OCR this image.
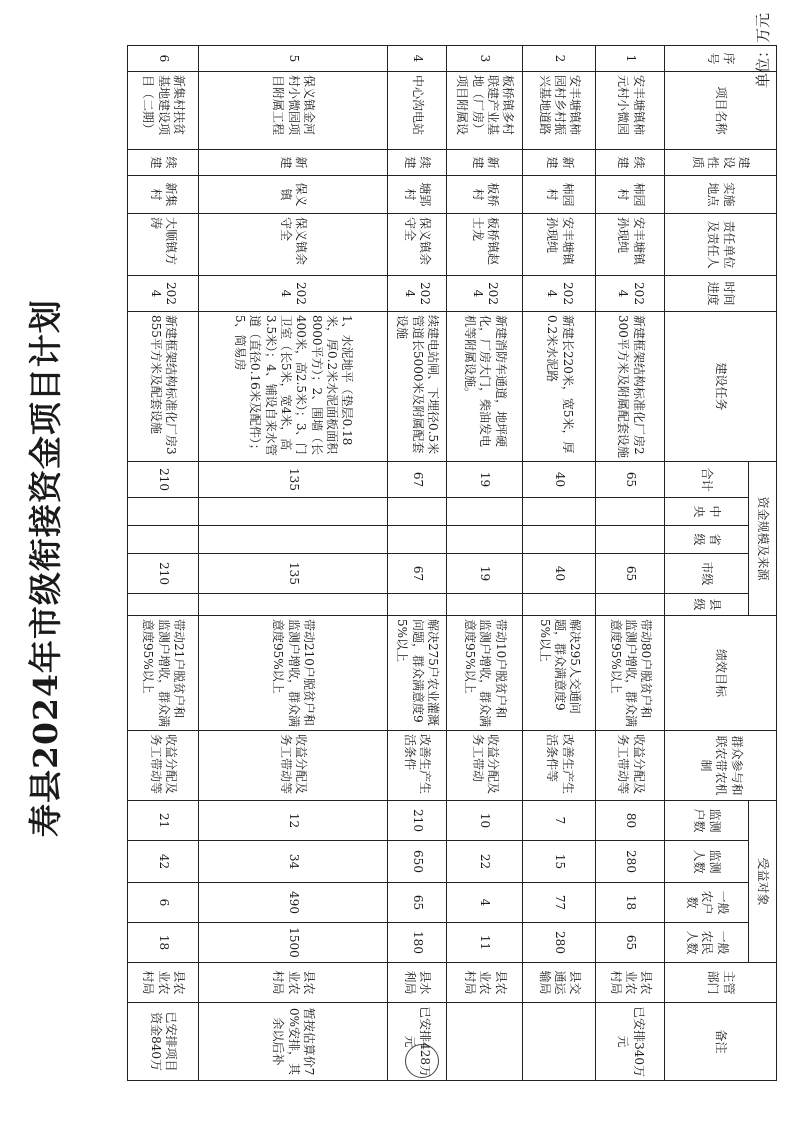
寿县2024年市级衔接资金项目计划
单位：万元
序号	项目名称	建设性质	实施地点	责任单位及责任人	时间进度	建设任务	资金规模及来源					绩效目标	群众参与和联农带农机制	受益对象				主管部门	备注
							合计	中央	省级	市级	县级			监测户数	监测人数	一般农户数	一般农民人数		

1	安丰塘镇柿元村小微园	续建	柿园村	安丰塘镇孙现纯	2024	新建框架结构标准化厂房2300平方米及附属配套设施	65			65		带动80户脱贫户和监测户增收，群众满意度95%以上	收益分配及务工带动等	80	280	18	65	县农业农村局	已安排340万元
2	安丰塘镇柿园村乡村振兴基地道路	新建	柿园村	安丰塘镇孙现纯	2024	新建长220米，宽5米，厚0.2米水泥路	40			40		解决295人交通问题，群众满意度95%以上	改善生产生活条件等	7	15	77	280	县交通运输局	
3	板桥镇多村联建产业基地（厂房）项目附属设	新建	板桥村	板桥镇赵士龙	2024	新建消防车通道，地坪硬化，厂房大门，柴油发电机等附属设施。	19			19		带动10户脱贫户和监测户增收，群众满意度95%以上	收益分配及务工带动	10	22	4	11	县农业农村局	
4	中心沟电站	续建	塘郢村	保义镇余守全	2024	续建电站闸、下埋径0.5米管道长5000米及附属配套设施	67			67		解决275户农业灌溉问题，群众满意度95%以上	改善生产生活条件	210	650	65	180	县水利局	已安排428万元
5	保义镇金河村小微园项目附属工程	新建	保义镇	保义镇余守全	2024	1、水泥地平（垫层0.18米，厚0.2米水泥面板面积8000平方）；2、围墙（长400米，高2.5米）；3、门卫室（长5米，宽4米，高3.5米）；4、铺设自来水管道（直径0.16米及配件）；5、简易房	135			135		带动210户脱贫户和监测户增收，群众满意度95%以上	收益分配及务工带动等	12	34	490	1500	县农业农村局	暂按估算价70%安排，其余以后补
6	新集村扶贫基地建设项目（二期）	续建	新集村	大顺镇方涛	2024	新建框架结构标准化厂房3855平方米及配套设施	210			210		带动21户脱贫户和监测户增收，群众满意度95%以上	收益分配及务工带动等	21	42	6	18	县农业农村局	已安排项目资金840万
